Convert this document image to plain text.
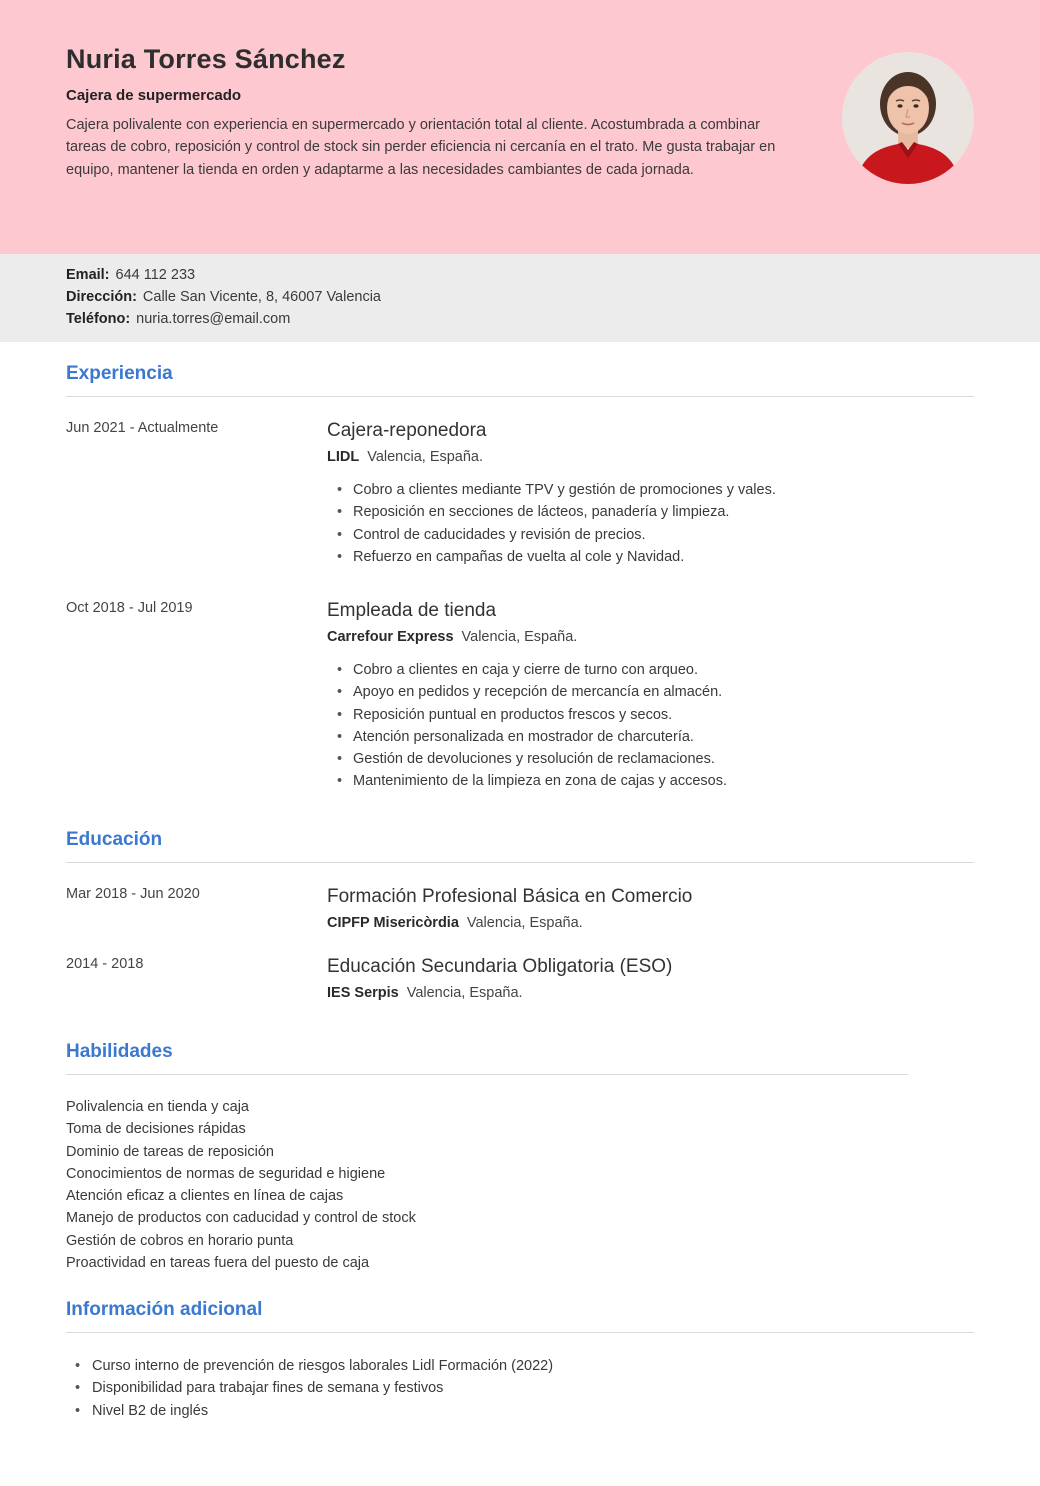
Nuria Torres Sánchez
Cajera de supermercado

Cajera polivalente con experiencia en supermercado y orientación total al cliente. Acostumbrada a combinar tareas de cobro, reposición y control de stock sin perder eficiencia ni cercanía en el trato. Me gusta trabajar en equipo, mantener la tienda en orden y adaptarme a las necesidades cambiantes de cada jornada.

Email: 644 112 233
Dirección: Calle San Vicente, 8, 46007 Valencia
Teléfono: nuria.torres@email.com
Experiencia
Jun 2021 - Actualmente	Cajera-reponedora
LIDL Valencia, España.
• Cobro a clientes mediante TPV y gestión de promociones y vales.
• Reposición en secciones de lácteos, panadería y limpieza.
• Control de caducidades y revisión de precios.
• Refuerzo en campañas de vuelta al cole y Navidad.
Oct 2018 - Jul 2019	Empleada de tienda
Carrefour Express Valencia, España.
• Cobro a clientes en caja y cierre de turno con arqueo.
• Apoyo en pedidos y recepción de mercancía en almacén.
• Reposición puntual en productos frescos y secos.
• Atención personalizada en mostrador de charcutería.
• Gestión de devoluciones y resolución de reclamaciones.
• Mantenimiento de la limpieza en zona de cajas y accesos.
Educación
Mar 2018 - Jun 2020	Formación Profesional Básica en Comercio
CIPFP Misericòrdia Valencia, España.
2014 - 2018	Educación Secundaria Obligatoria (ESO)
IES Serpis Valencia, España.
Habilidades
Polivalencia en tienda y caja
Toma de decisiones rápidas
Dominio de tareas de reposición
Conocimientos de normas de seguridad e higiene
Atención eficaz a clientes en línea de cajas
Manejo de productos con caducidad y control de stock
Gestión de cobros en horario punta
Proactividad en tareas fuera del puesto de caja
Información adicional
• Curso interno de prevención de riesgos laborales Lidl Formación (2022)
• Disponibilidad para trabajar fines de semana y festivos
• Nivel B2 de inglés
